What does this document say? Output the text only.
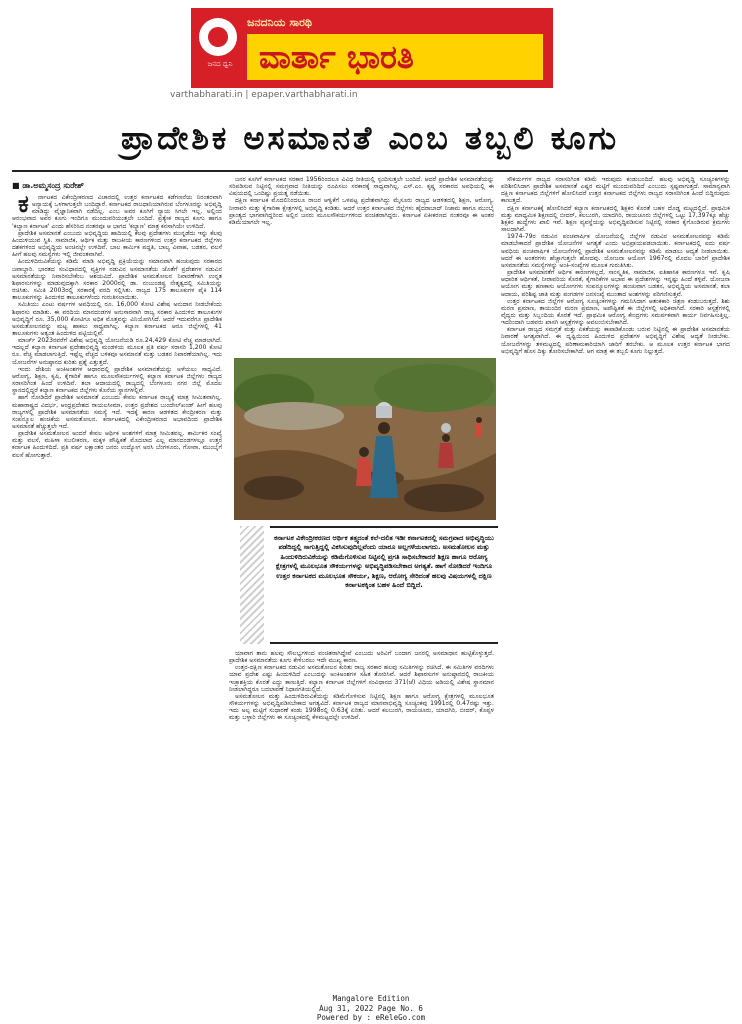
ಜನದ ಧ್ವನಿ
ಜನದನಿಯ ಸಾರಥಿ
ವಾರ್ತಾ ಭಾರತಿ
varthabharati.in | epaper.varthabharati.in
ಪ್ರಾದೇಶಿಕ ಅಸಮಾನತೆ ಎಂಬ ತಬ್ಬಲಿ ಕೂಗು
■ ಡಾ.ಅಮ್ಮಸಂದ್ರ ಸುರೇಶ್

ಕ ರ್ನಾಟಕದ ವಿಕೇಂದ್ರೀಕರಣದ ವಿಚಾರದಲ್ಲಿ ಉತ್ತರ ಕರ್ನಾಟಕದ ಕಡೆಗಣನೆಯ ನಿರಂತರವಾಗಿ ಅನ್ಯಾಯಕ್ಕೆ ಒಳಗಾಗುತ್ತಲೇ ಬಂದಿದ್ದಾರೆ. ಕರ್ನಾಟಕದ ರಾಜಧಾನಿಯಾಗಿರುವ ಬೆಂಗಳೂರನ್ನು ಅಭಿವೃದ್ಧಿ ಮಾಡಿದ್ದು ವೈಜ್ಞಾನಿಕವಾಗಿ ನಡೆದಿಲ್ಲ. ಎಂಬ ಅವರ ಕೂಗಿಗೆ ನ್ಯಾಯ ಸಿಗಲೇ ಇಲ್ಲ. ಅಲ್ಲಿಂದ ಆರಂಭವಾದ ಅವರ ಕೂಗು ಇಂದಿಗೂ ಮುಂದುವರಿಯುತ್ತಲೇ ಬಂದಿದೆ. ಪ್ರತ್ಯೇಕ ರಾಜ್ಯದ ಕೂಗು ಹಾಗೂ 'ಕಲ್ಯಾಣ ಕರ್ನಾಟಕ' ಎಂದು ಹೆಸರಿಸಿದ ನಂತರವೂ ಆ ಭಾಗದ 'ಕಲ್ಯಾಣ' ಮಾತ್ರ ಕನಸಾಗಿಯೇ ಉಳಿದಿದೆ.

ಪ್ರಾದೇಶಿಕ ಅಸಮಾನತೆ ಎಂಬುದು ಅಭಿವೃದ್ಧಿಯ ಹಾದಿಯಲ್ಲಿ ಕೆಲವು ಪ್ರದೇಶಗಳು ಮುನ್ನಡೆದು ಇನ್ನು ಕೆಲವು ಹಿಂದುಳಿಯುವ ಸ್ಥಿತಿ. ಸಾಮಾಜಿಕ, ಆರ್ಥಿಕ ಮತ್ತು ರಾಜಕೀಯ ಕಾರಣಗಳಿಂದ ಉತ್ತರ ಕರ್ನಾಟಕದ ಜಿಲ್ಲೆಗಳು ದಶಕಗಳಿಂದ ಅಭಿವೃದ್ಧಿಯ ಅಂಚಿನಲ್ಲೇ ಉಳಿದಿವೆ. ಬಾಲ ಕಾರ್ಮಿಕ ಪದ್ಧತಿ, ಬಾಲ್ಯ ವಿವಾಹ, ಬಡತನ, ವಲಸೆ ಹೀಗೆ ಹಲವು ಸಮಸ್ಯೆಗಳು ಇಲ್ಲಿ ಜೀವಂತವಾಗಿವೆ.

ಹಿಂದುಳಿದಿರುವಿಕೆಯನ್ನು ಕಡಿಮೆ ಮಾಡಿ ಅಭಿವೃದ್ಧಿ ಪ್ರಕ್ರಿಯೆಯನ್ನು ಸಮಾನವಾಗಿ ಹಂಚುವುದು ಸರಕಾರದ ಜವಾಬ್ದಾರಿ. ಭಾರತದ ಸಂವಿಧಾನದಲ್ಲಿ ವ್ಯಕ್ತಿಗಳ ನಡುವಿನ ಅಸಮಾನತೆಯ ಜೊತೆಗೆ ಪ್ರದೇಶಗಳ ನಡುವಿನ ಅಸಮಾನತೆಯನ್ನು ನಿವಾರಿಸಬೇಕೆಂಬ ಆಶಯವಿದೆ. ಪ್ರಾದೇಶಿಕ ಅಸಮತೋಲನ ನಿವಾರಣೆಗಾಗಿ ಉನ್ನತ ಶಿಫಾರಸುಗಳನ್ನು ಮಾಡುವುದಕ್ಕಾಗಿ ಸರಕಾರ 2000ರಲ್ಲಿ ಡಾ. ನಂಜುಂಡಪ್ಪ ನೇತೃತ್ವದಲ್ಲಿ ಸಮಿತಿಯನ್ನು ರಚಿಸಿತು. ಸಮಿತಿ 2003ರಲ್ಲಿ ಸರಕಾರಕ್ಕೆ ವರದಿ ಸಲ್ಲಿಸಿತು. ರಾಜ್ಯದ 175 ತಾಲೂಕುಗಳ ಪೈಕಿ 114 ತಾಲೂಕುಗಳನ್ನು ಹಿಂದುಳಿದ ತಾಲೂಕುಗಳೆಂದು ಗುರುತಿಸಲಾಯಿತು.

ಸಮಿತಿಯು ಎಂಟು ವರ್ಷಗಳ ಅವಧಿಯಲ್ಲಿ ರೂ. 16,000 ಕೋಟಿ ವಿಶೇಷ ಅನುದಾನ ನೀಡಬೇಕೆಂದು ಶಿಫಾರಸು ಮಾಡಿತು. ಈ ವರದಿಯ ಮಾನದಂಡಗಳ ಅನುಸಾರವಾಗಿ ರಾಜ್ಯ ಸರಕಾರ ಹಿಂದುಳಿದ ತಾಲೂಕುಗಳ ಅಭಿವೃದ್ಧಿಗೆ ರೂ. 35,000 ಕೋಟಿಗೂ ಅಧಿಕ ಮೊತ್ತವನ್ನು ವಿನಿಯೋಗಿಸಿದೆ. ಆದರೆ ಇದುವರೆಗೂ ಪ್ರಾದೇಶಿಕ ಅಸಮತೋಲನವನ್ನು ಮಟ್ಟ ಹಾಕಲು ಸಾಧ್ಯವಾಗಿಲ್ಲ. ಕಲ್ಯಾಣ ಕರ್ನಾಟಕದ ಆರೂ ಜಿಲ್ಲೆಗಳಲ್ಲಿ 41 ತಾಲೂಕುಗಳು ಅತ್ಯಂತ ಹಿಂದುಳಿದ ಪಟ್ಟಿಯಲ್ಲಿವೆ.

ಮಾರ್ಚ್ 2023ರವರೆಗೆ ವಿಶೇಷ ಅಭಿವೃದ್ಧಿ ಯೋಜನೆಯಡಿ ರೂ.24,429 ಕೋಟಿ ವೆಚ್ಚ ಮಾಡಲಾಗಿದೆ. ಇದಲ್ಲದೆ ಕಲ್ಯಾಣ ಕರ್ನಾಟಕ ಪ್ರದೇಶಾಭಿವೃದ್ಧಿ ಮಂಡಳಿಯ ಮೂಲಕ ಪ್ರತಿ ವರ್ಷ ಸರಾಸರಿ 1,200 ಕೋಟಿ ರೂ. ವೆಚ್ಚ ಮಾಡಲಾಗುತ್ತಿದೆ. ಇಷ್ಟೆಲ್ಲ ವೆಚ್ಚದ ಬಳಿಕವೂ ಅಸಮಾನತೆ ಮತ್ತು ಬಡತನ ನಿವಾರಣೆಯಾಗಿಲ್ಲ. ಇದು ಯೋಜನೆಗಳ ಅನುಷ್ಠಾನದ ಕುರಿತು ಪ್ರಶ್ನೆ ಎತ್ತುತ್ತದೆ.

ಇಂದು ದೇಶಿಯ ಅಂಕಿಅಂಶಗಳ ಆಧಾರದಲ್ಲಿ ಪ್ರಾದೇಶಿಕ ಅಸಮಾನತೆಯನ್ನು ಅಳೆಯಲು ಸಾಧ್ಯವಿದೆ. ಆರೋಗ್ಯ, ಶಿಕ್ಷಣ, ಕೃಷಿ, ಕೈಗಾರಿಕೆ ಹಾಗೂ ಮೂಲಸೌಕರ್ಯಗಳಲ್ಲಿ ಕಲ್ಯಾಣ ಕರ್ನಾಟಕ ಜಿಲ್ಲೆಗಳು ರಾಜ್ಯದ ಸರಾಸರಿಗಿಂತ ಹಿಂದೆ ಉಳಿದಿವೆ. ತಲಾ ಆದಾಯದಲ್ಲಿ ರಾಜ್ಯದಲ್ಲಿ ಬೆಂಗಳೂರು ನಗರ ಜಿಲ್ಲೆ ಮೊದಲ ಸ್ಥಾನದಲ್ಲಿದ್ದರೆ ಕಲ್ಯಾಣ ಕರ್ನಾಟಕದ ಜಿಲ್ಲೆಗಳು ಕೊನೆಯ ಸ್ಥಾನಗಳಲ್ಲಿವೆ.

ಹಾಗೆ ನೋಡಿದರೆ ಪ್ರಾದೇಶಿಕ ಅಸಮಾನತೆ ಎಂಬುದು ಕೇವಲ ಕರ್ನಾಟಕ ರಾಜ್ಯಕ್ಕೆ ಮಾತ್ರ ಸೀಮಿತವಾಗಿಲ್ಲ. ಮಹಾರಾಷ್ಟ್ರದ ವಿದರ್ಭ, ಆಂಧ್ರಪ್ರದೇಶದ ರಾಯಲಸೀಮಾ, ಉತ್ತರ ಪ್ರದೇಶದ ಬುಂದೇಲ್‌ಖಂಡ್ ಹೀಗೆ ಹಲವು ರಾಜ್ಯಗಳಲ್ಲಿ ಪ್ರಾದೇಶಿಕ ಅಸಮಾನತೆಯ ಸಮಸ್ಯೆ ಇದೆ. ಇದಕ್ಕೆ ಕಾರಣ ಆಡಳಿತದ ಕೇಂದ್ರೀಕರಣ ಮತ್ತು ಸಂಪನ್ಮೂಲ ಹಂಚಿಕೆಯ ಅಸಮತೋಲನ. ಕರ್ನಾಟಕದಲ್ಲಿ ವಿಕೇಂದ್ರೀಕರಣದ ಅಭಾವದಿಂದ ಪ್ರಾದೇಶಿಕ ಅಸಮಾನತೆ ಹೆಚ್ಚುತ್ತಲೇ ಇದೆ.

ಪ್ರಾದೇಶಿಕ ಅಸಮತೋಲನ ಅಂದರೆ ಕೇವಲ ಆರ್ಥಿಕ ಅಂಶಗಳಿಗೆ ಮಾತ್ರ ಸೀಮಿತವಲ್ಲ. ಕಾರ್ಮಿಕರ ಸಂಖ್ಯೆ ಮತ್ತು ವಲಸೆ, ಮಹಿಳಾ ಸಬಲೀಕರಣ, ಮಕ್ಕಳ ಪೌಷ್ಟಿಕತೆ ಮೊದಲಾದ ಎಲ್ಲ ಮಾನದಂಡಗಳಲ್ಲೂ ಉತ್ತರ ಕರ್ನಾಟಕ ಹಿಂದುಳಿದಿದೆ. ಪ್ರತಿ ವರ್ಷ ಲಕ್ಷಾಂತರ ಜನರು ಉದ್ಯೋಗ ಅರಸಿ ಬೆಂಗಳೂರು, ಗೋವಾ, ಮುಂಬೈಗೆ ವಲಸೆ ಹೋಗುತ್ತಾರೆ.

ಜನರ ಕೂಗಿಗೆ ಕರ್ನಾಟಕದ ಸರಕಾರ 1956ರಿಂದಲೂ ವಿವಿಧ ರೀತಿಯಲ್ಲಿ ಸ್ಪಂದಿಸುತ್ತಲೇ ಬಂದಿದೆ. ಆದರೆ ಪ್ರಾದೇಶಿಕ ಅಸಮಾನತೆಯನ್ನು ಸರಿಪಡಿಸುವ ನಿಟ್ಟಿನಲ್ಲಿ ಸಮಗ್ರವಾದ ನೀತಿಯನ್ನು ರೂಪಿಸಲು ಸರಕಾರಕ್ಕೆ ಸಾಧ್ಯವಾಗಿಲ್ಲ. ಎಸ್.ಎಂ. ಕೃಷ್ಣ ಸರಕಾರದ ಅವಧಿಯಲ್ಲಿ ಈ ವಿಷಯದಲ್ಲಿ ಒಂದಿಷ್ಟು ಪ್ರಯತ್ನ ನಡೆಯಿತು.

ದಕ್ಷಿಣ ಕರ್ನಾಟಕ ಮೊದಲಿನಿಂದಲೂ ರಾಜರ ಆಳ್ವಿಕೆಗೆ ಒಳಪಟ್ಟ ಪ್ರದೇಶವಾಗಿದ್ದು ಮೈಸೂರು ರಾಜ್ಯದ ಆಡಳಿತದಲ್ಲಿ ಶಿಕ್ಷಣ, ಆರೋಗ್ಯ, ನೀರಾವರಿ ಮತ್ತು ಕೈಗಾರಿಕಾ ಕ್ಷೇತ್ರಗಳಲ್ಲಿ ಅಭಿವೃದ್ಧಿ ಕಂಡಿತು. ಆದರೆ ಉತ್ತರ ಕರ್ನಾಟಕದ ಜಿಲ್ಲೆಗಳು ಹೈದರಾಬಾದ್ ನಿಜಾಮ ಹಾಗೂ ಮುಂಬೈ ಪ್ರಾಂತ್ಯದ ಭಾಗವಾಗಿದ್ದರಿಂದ ಅಲ್ಲಿನ ಜನರು ಮೂಲಸೌಕರ್ಯಗಳಿಂದ ವಂಚಿತರಾಗಿದ್ದರು. ಕರ್ನಾಟಕ ಏಕೀಕರಣದ ನಂತರವೂ ಈ ಅಂತರ ಕಡಿಮೆಯಾಗಲೇ ಇಲ್ಲ.

ಕರ್ನಾಟಕ ವಿಕೇಂದ್ರೀಕರಣದ ಆರ್ಥಿಕ ತತ್ತ್ವದಂತೆ ಕಲೆ-ದಲಿತ ಇಡೀ ಕರ್ನಾಟಕದಲ್ಲಿ ಸಮಗ್ರವಾದ ಅಭಿವೃದ್ಧಿಯು ಪಡೆದಿದ್ದಲ್ಲಿ ಸಾಗುತ್ತಿದ್ದಲ್ಲಿ ವಿಕಸಿಸುವುದಿಲ್ಲವೆಂದು ಯಾರೂ ಅಲ್ಲಗಳೆಯಲಾಗದು. ಅಸಮತೋಲನ ಮತ್ತು ಹಿಂದುಳಿದಿರುವಿಕೆಯನ್ನು ಕಡಿಮೆಗೊಳಿಸುವ ನಿಟ್ಟಿನಲ್ಲಿ ಪ್ರಗತಿ ಸಾಧಿಸಬೇಕಾದರೆ ಶಿಕ್ಷಣ ಹಾಗೂ ಆರೋಗ್ಯ ಕ್ಷೇತ್ರಗಳಲ್ಲಿ ಮೂಲಭೂತ ಸೌಕರ್ಯಗಳನ್ನು ಅಭಿವೃದ್ಧಿಪಡಿಸಬೇಕಾದ ಅಗತ್ಯತೆ. ಹಾಗೆ ನೋಡಿದರೆ ಇಂದಿಗೂ ಉತ್ತರ ಕರ್ನಾಟಕದ ಮೂಲಭೂತ ಸೌಕರ್ಯ, ಶಿಕ್ಷಣ, ಆರೋಗ್ಯ ಸೇರಿದಂತೆ ಹಲವು ವಿಷಯಗಳಲ್ಲಿ ದಕ್ಷಿಣ ಕರ್ನಾಟಕಕ್ಕಿಂತ ಬಹಳ ಹಿಂದೆ ಬಿದ್ದಿದೆ.

ಯಾವಾಗ ತಾನು ಹಲವು ಸೌಲಭ್ಯಗಳಿಂದ ವಂಚಿತರಾಗಿದ್ದೇವೆ ಎಂಬುದು ಅರಿವಿಗೆ ಬಂದಾಗ ಜನರಲ್ಲಿ ಅಸಮಾಧಾನ ಹುಟ್ಟಿಕೊಳ್ಳುತ್ತದೆ. ಪ್ರಾದೇಶಿಕ ಅಸಮಾನತೆಯ ಕೂಗು ಕೇಳಿಬರಲು ಇದೇ ಮುಖ್ಯ ಕಾರಣ.

ಉತ್ತರ-ದಕ್ಷಿಣ ಕರ್ನಾಟಕದ ನಡುವಿನ ಅಸಮತೋಲನ ಕುರಿತು ರಾಜ್ಯ ಸರಕಾರ ಹಲವು ಸಮಿತಿಗಳನ್ನು ರಚಿಸಿದೆ. ಈ ಸಮಿತಿಗಳ ವರದಿಗಳು ಯಾವ ಪ್ರದೇಶ ಎಷ್ಟು ಹಿಂದುಳಿದಿದೆ ಎಂಬುದನ್ನು ಅಂಕಿಅಂಶಗಳ ಸಹಿತ ತೋರಿಸಿವೆ. ಆದರೆ ಶಿಫಾರಸುಗಳ ಅನುಷ್ಠಾನದಲ್ಲಿ ರಾಜಕೀಯ ಇಚ್ಛಾಶಕ್ತಿಯ ಕೊರತೆ ಎದ್ದು ಕಾಣುತ್ತಿದೆ. ಕಲ್ಯಾಣ ಕರ್ನಾಟಕ ಜಿಲ್ಲೆಗಳಿಗೆ ಸಂವಿಧಾನದ 371(ಜೆ) ವಿಧಿಯ ಅಡಿಯಲ್ಲಿ ವಿಶೇಷ ಸ್ಥಾನಮಾನ ನೀಡಲಾಗಿದ್ದರೂ ಬದಲಾವಣೆ ನಿಧಾನಗತಿಯಲ್ಲಿದೆ.

ಅಸಮತೋಲನ ಮತ್ತು ಹಿಂದುಳಿದಿರುವಿಕೆಯನ್ನು ಕಡಿಮೆಗೊಳಿಸುವ ನಿಟ್ಟಿನಲ್ಲಿ ಶಿಕ್ಷಣ ಹಾಗೂ ಆರೋಗ್ಯ ಕ್ಷೇತ್ರಗಳಲ್ಲಿ ಮೂಲಭೂತ ಸೌಕರ್ಯಗಳನ್ನು ಅಭಿವೃದ್ಧಿಪಡಿಸಬೇಕಾದ ಅಗತ್ಯವಿದೆ. ಕರ್ನಾಟಕ ರಾಜ್ಯದ ಮಾನವಾಭಿವೃದ್ಧಿ ಸೂಚ್ಯಂಕವು 1991ರಲ್ಲಿ 0.47ರಷ್ಟು ಇತ್ತು. ಇದು ಅಲ್ಪ ಮಟ್ಟಿಗೆ ಸುಧಾರಣೆ ಕಂಡು 1998ರಲ್ಲಿ 0.63ಕ್ಕೆ ಏರಿತು. ಆದರೆ ಕಲಬುರಗಿ, ರಾಯಚೂರು, ಯಾದಗಿರಿ, ಬೀದರ್, ಕೊಪ್ಪಳ ಮತ್ತು ಬಳ್ಳಾರಿ ಜಿಲ್ಲೆಗಳು ಈ ಸೂಚ್ಯಂಕದಲ್ಲಿ ಕೆಳಮಟ್ಟದಲ್ಲೇ ಉಳಿದಿವೆ.

ಸೌಕರ್ಯಗಳ ರಾಜ್ಯದ ಸರಾಸರಿಗಿಂತ ಕಡಿಮೆ ಇರುವುದು ಕಂಡುಬಂದಿದೆ. ಹಲವು ಅಭಿವೃದ್ಧಿ ಸೂಚ್ಯಂಕಗಳನ್ನು ಪರಿಶೀಲಿಸಿದಾಗ ಪ್ರಾದೇಶಿಕ ಅಸಮಾನತೆ ಎಷ್ಟರ ಮಟ್ಟಿಗೆ ಮುಂದುವರಿದಿದೆ ಎಂಬುದು ಸ್ಪಷ್ಟವಾಗುತ್ತದೆ. ಸಾಮಾನ್ಯವಾಗಿ ದಕ್ಷಿಣ ಕರ್ನಾಟಕದ ಜಿಲ್ಲೆಗಳಿಗೆ ಹೋಲಿಸಿದರೆ ಉತ್ತರ ಕರ್ನಾಟಕದ ಜಿಲ್ಲೆಗಳು ರಾಜ್ಯದ ಸರಾಸರಿಗಿಂತ ಹಿಂದೆ ಬಿದ್ದಿರುವುದು ಕಾಣುತ್ತದೆ.

ದಕ್ಷಿಣ ಕರ್ನಾಟಕಕ್ಕೆ ಹೋಲಿಸಿದರೆ ಕಲ್ಯಾಣ ಕರ್ನಾಟಕದಲ್ಲಿ ಶಿಕ್ಷಕರ ಕೊರತೆ ಬಹಳ ದೊಡ್ಡ ಮಟ್ಟದಲ್ಲಿದೆ. ಪ್ರಾಥಮಿಕ ಮತ್ತು ಮಾಧ್ಯಮಿಕ ಶಿಕ್ಷಣದಲ್ಲಿ ಬೀದರ್, ಕಲಬುರಗಿ, ಯಾದಗಿರಿ, ರಾಯಚೂರು ಜಿಲ್ಲೆಗಳಲ್ಲಿ ಒಟ್ಟು 17,397ಕ್ಕೂ ಹೆಚ್ಚು ಶಿಕ್ಷಕರ ಹುದ್ದೆಗಳು ಖಾಲಿ ಇವೆ. ಶಿಕ್ಷಣ ವ್ಯವಸ್ಥೆಯನ್ನು ಅಭಿವೃದ್ಧಿಪಡಿಸುವ ನಿಟ್ಟಿನಲ್ಲಿ ಸರಕಾರ ಕೈಗೊಂಡಿರುವ ಕ್ರಮಗಳು ಸಾಲದಾಗಿವೆ.

1974-79ರ ನಡುವಿನ ಪಂಚವಾರ್ಷಿಕ ಯೋಜನೆಯಲ್ಲಿ ಜಿಲ್ಲೆಗಳ ನಡುವಿನ ಅಸಮತೋಲನವನ್ನು ಕಡಿಮೆ ಮಾಡಬೇಕಾದರೆ ಪ್ರಾದೇಶಿಕ ಯೋಜನೆಗಳ ಅಗತ್ಯತೆ ಎಂದು ಅಭಿಪ್ರಾಯಪಡಲಾಯಿತು. ಕರ್ನಾಟಕದಲ್ಲಿ ಐದು ವರ್ಷ ಅವಧಿಯ ಪಂಚವಾರ್ಷಿಕ ಯೋಜನೆಗಳಲ್ಲಿ ಪ್ರಾದೇಶಿಕ ಅಸಮತೋಲನವನ್ನು ಕಡಿಮೆ ಮಾಡಲು ಆದ್ಯತೆ ನೀಡಲಾಯಿತು. ಆದರೆ ಈ ಅಂತರಗಳು ಹೆಚ್ಚಾಗುತ್ತಲೇ ಹೋದವು. ಯೋಜನಾ ಆಯೋಗ 1967ರಲ್ಲಿ ಮೊದಲ ಬಾರಿಗೆ ಪ್ರಾದೇಶಿಕ ಅಸಮಾನತೆಯ ಸಮಸ್ಯೆಗಳನ್ನು ಅಂಕಿ-ಸಂಖ್ಯೆಗಳ ಮೂಲಕ ಗುರುತಿಸಿತು.

ಪ್ರಾದೇಶಿಕ ಅಸಮಾನತೆಗೆ ಆರ್ಥಿಕ ಕಾರಣಗಳಲ್ಲದೆ, ಸಾಂಸ್ಕೃತಿಕ, ಸಾಮಾಜಿಕ, ಐತಿಹಾಸಿಕ ಕಾರಣಗಳೂ ಇವೆ. ಕೃಷಿ ಆಧಾರಿತ ಆರ್ಥಿಕತೆ, ನೀರಾವರಿಯ ಕೊರತೆ, ಕೈಗಾರಿಕೆಗಳ ಅಭಾವ ಈ ಪ್ರದೇಶಗಳನ್ನು ಇನ್ನಷ್ಟು ಹಿಂದೆ ತಳ್ಳಿವೆ. ಯೋಜನಾ ಆಯೋಗ ಮತ್ತು ಹಣಕಾಸು ಆಯೋಗಗಳು ಸಂಪನ್ಮೂಲಗಳನ್ನು ಹಂಚುವಾಗ ಬಡತನ, ಅಭಿವೃದ್ಧಿಯ ಅಸಮಾನತೆ, ತಲಾ ಆದಾಯ, ಪರಿಶಿಷ್ಟ ಜಾತಿ ಮತ್ತು ಪಂಗಡಗಳ ಜನಸಂಖ್ಯೆ ಮುಂತಾದ ಅಂಶಗಳನ್ನು ಪರಿಗಣಿಸುತ್ತವೆ.

ಉತ್ತರ ಕರ್ನಾಟಕದ ಜಿಲ್ಲೆಗಳ ಆರೋಗ್ಯ ಸೂಚ್ಯಂಕಗಳನ್ನು ಗಮನಿಸಿದಾಗ ಆತಂಕಕಾರಿ ಚಿತ್ರಣ ಕಂಡುಬರುತ್ತದೆ. ಶಿಶು ಮರಣ ಪ್ರಮಾಣ, ತಾಯಂದಿರ ಮರಣ ಪ್ರಮಾಣ, ಅಪೌಷ್ಟಿಕತೆ ಈ ಜಿಲ್ಲೆಗಳಲ್ಲಿ ಅಧಿಕವಾಗಿದೆ. ಸರಕಾರಿ ಆಸ್ಪತ್ರೆಗಳಲ್ಲಿ ವೈದ್ಯರು ಮತ್ತು ಸಿಬ್ಬಂದಿಯ ಕೊರತೆ ಇದೆ. ಪ್ರಾಥಮಿಕ ಆರೋಗ್ಯ ಕೇಂದ್ರಗಳು ಸಮರ್ಪಕವಾಗಿ ಕಾರ್ಯ ನಿರ್ವಹಿಸುತ್ತಿಲ್ಲ. ಇದರಿಂದಾಗಿ ಬಡವರು ಖಾಸಗಿ ಆಸ್ಪತ್ರೆಗಳನ್ನು ಅವಲಂಬಿಸಬೇಕಾಗಿದೆ.

ಕರ್ನಾಟಕ ರಾಜ್ಯದ ಸಮಗ್ರತೆ ಮತ್ತು ಏಕತೆಯನ್ನು ಕಾಪಾಡಿಕೊಂಡು ಬರುವ ನಿಟ್ಟಿನಲ್ಲಿ ಈ ಪ್ರಾದೇಶಿಕ ಅಸಮಾನತೆಯ ನಿವಾರಣೆ ಅಗತ್ಯವಾಗಿದೆ. ಈ ದೃಷ್ಟಿಯಿಂದ ಹಿಂದುಳಿದ ಪ್ರದೇಶಗಳ ಅಭಿವೃದ್ಧಿಗೆ ವಿಶೇಷ ಆದ್ಯತೆ ನೀಡಬೇಕು. ಯೋಜನೆಗಳನ್ನು ತಳಮಟ್ಟದಲ್ಲಿ ಪರಿಣಾಮಕಾರಿಯಾಗಿ ಜಾರಿಗೆ ತರಬೇಕು. ಆ ಮೂಲಕ ಉತ್ತರ ಕರ್ನಾಟಕ ಭಾಗದ ಅಭಿವೃದ್ಧಿಗೆ ಹೊಸ ದಿಕ್ಕು ತೋರಿಸಬೇಕಾಗಿದೆ. ಆಗ ಮಾತ್ರ ಈ ತಬ್ಬಲಿ ಕೂಗು ನಿಲ್ಲುತ್ತದೆ.

Mangalore Edition
Aug 31, 2022 Page No. 6
Powered by : eReleGo.com
